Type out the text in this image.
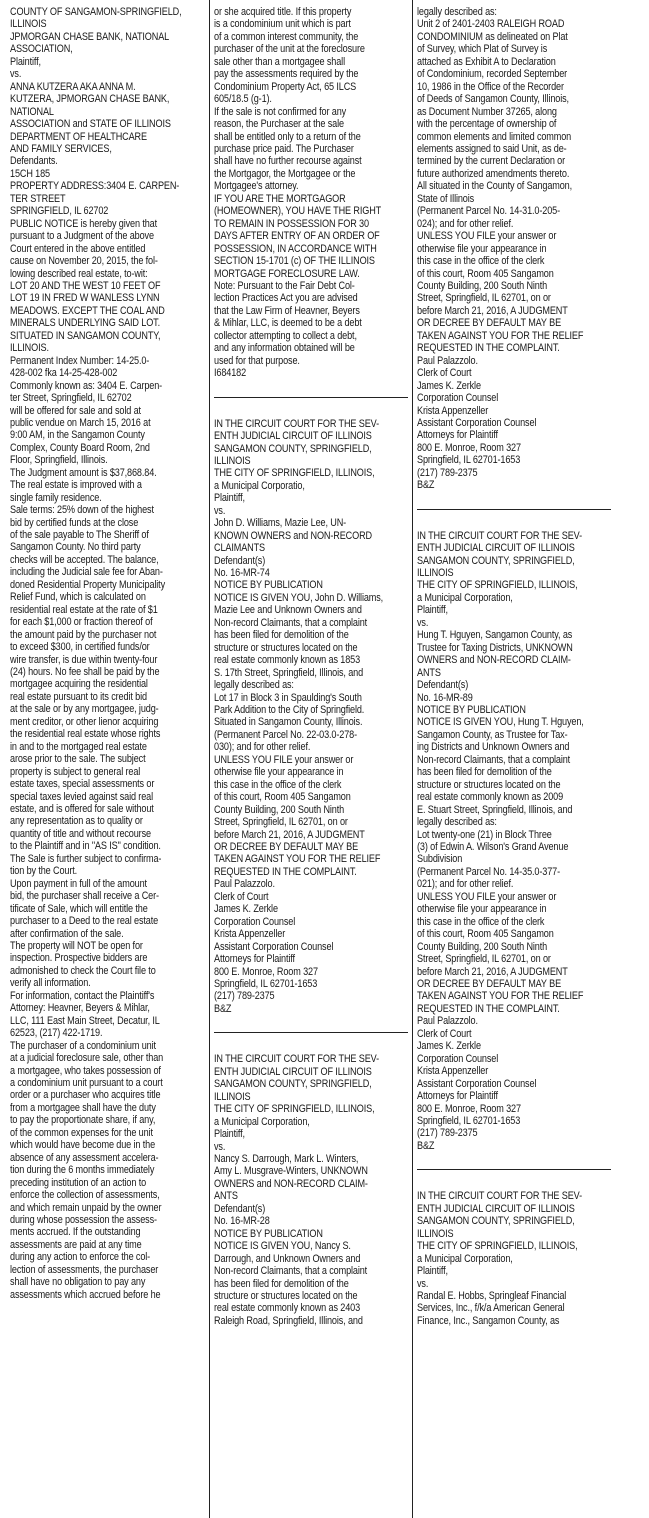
COUNTY OF SANGAMON-SPRINGFIELD,
ILLINOIS
JPMORGAN CHASE BANK, NATIONAL
ASSOCIATION,
Plaintiff,
vs.
ANNA KUTZERA AKA ANNA M.
KUTZERA, JPMORGAN CHASE BANK,
NATIONAL
ASSOCIATION and STATE OF ILLINOIS
DEPARTMENT OF HEALTHCARE
AND FAMILY SERVICES,
Defendants.
15CH 185
PROPERTY ADDRESS:3404 E. CARPEN-
TER STREET
SPRINGFIELD, IL 62702
PUBLIC NOTICE is hereby given that
pursuant to a Judgment of the above
Court entered in the above entitled
cause on November 20, 2015, the fol-
lowing described real estate, to-wit:
LOT 20 AND THE WEST 10 FEET OF
LOT 19 IN FRED W WANLESS LYNN
MEADOWS. EXCEPT THE COAL AND
MINERALS UNDERLYING SAID LOT.
SITUATED IN SANGAMON COUNTY,
ILLINOIS.
Permanent Index Number: 14-25.0-
428-002 fka 14-25-428-002
Commonly known as: 3404 E. Carpen-
ter Street, Springfield, IL 62702
will be offered for sale and sold at
public vendue on March 15, 2016 at
9:00 AM, in the Sangamon County
Complex, County Board Room, 2nd
Floor, Springfield, Illinois.
The Judgment amount is $37,868.84.
The real estate is improved with a
single family residence.
Sale terms: 25% down of the highest
bid by certified funds at the close
of the sale payable to The Sheriff of
Sangamon County. No third party
checks will be accepted. The balance,
including the Judicial sale fee for Aban-
doned Residential Property Municipality
Relief Fund, which is calculated on
residential real estate at the rate of $1
for each $1,000 or fraction thereof of
the amount paid by the purchaser not
to exceed $300, in certified funds/or
wire transfer, is due within twenty-four
(24) hours. No fee shall be paid by the
mortgagee acquiring the residential
real estate pursuant to its credit bid
at the sale or by any mortgagee, judg-
ment creditor, or other lienor acquiring
the residential real estate whose rights
in and to the mortgaged real estate
arose prior to the sale. The subject
property is subject to general real
estate taxes, special assessments or
special taxes levied against said real
estate, and is offered for sale without
any representation as to quality or
quantity of title and without recourse
to the Plaintiff and in "AS IS" condition.
The Sale is further subject to confirma-
tion by the Court.
Upon payment in full of the amount
bid, the purchaser shall receive a Cer-
tificate of Sale, which will entitle the
purchaser to a Deed to the real estate
after confirmation of the sale.
The property will NOT be open for
inspection. Prospective bidders are
admonished to check the Court file to
verify all information.
For information, contact the Plaintiff's
Attorney: Heavner, Beyers & Mihlar,
LLC, 111 East Main Street, Decatur, IL
62523, (217) 422-1719.
The purchaser of a condominium unit
at a judicial foreclosure sale, other than
a mortgagee, who takes possession of
a condominium unit pursuant to a court
order or a purchaser who acquires title
from a mortgagee shall have the duty
to pay the proportionate share, if any,
of the common expenses for the unit
which would have become due in the
absence of any assessment accelera-
tion during the 6 months immediately
preceding institution of an action to
enforce the collection of assessments,
and which remain unpaid by the owner
during whose possession the assess-
ments accrued. If the outstanding
assessments are paid at any time
during any action to enforce the col-
lection of assessments, the purchaser
shall have no obligation to pay any
assessments which accrued before he
or she acquired title. If this property
is a condominium unit which is part
of a common interest community, the
purchaser of the unit at the foreclosure
sale other than a mortgagee shall
pay the assessments required by the
Condominium Property Act, 65 ILCS
605/18.5 (g-1).
If the sale is not confirmed for any
reason, the Purchaser at the sale
shall be entitled only to a return of the
purchase price paid. The Purchaser
shall have no further recourse against
the Mortgagor, the Mortgagee or the
Mortgagee's attorney.
IF YOU ARE THE MORTGAGOR
(HOMEOWNER), YOU HAVE THE RIGHT
TO REMAIN IN POSSESSION FOR 30
DAYS AFTER ENTRY OF AN ORDER OF
POSSESSION, IN ACCORDANCE WITH
SECTION 15-1701 (c) OF THE ILLINOIS
MORTGAGE FORECLOSURE LAW.
Note: Pursuant to the Fair Debt Col-
lection Practices Act you are advised
that the Law Firm of Heavner, Beyers
& Mihlar, LLC, is deemed to be a debt
collector attempting to collect a debt,
and any information obtained will be
used for that purpose.
I684182
IN THE CIRCUIT COURT FOR THE SEV-
ENTH JUDICIAL CIRCUIT OF ILLINOIS
SANGAMON COUNTY, SPRINGFIELD,
ILLINOIS
THE CITY OF SPRINGFIELD, ILLINOIS,
a Municipal Corporatio,
Plaintiff,
vs.
John D. Williams, Mazie Lee, UN-
KNOWN OWNERS and NON-RECORD
CLAIMANTS
Defendant(s)
No. 16-MR-74
NOTICE BY PUBLICATION
NOTICE IS GIVEN YOU, John D. Williams,
Mazie Lee and Unknown Owners and
Non-record Claimants, that a complaint
has been filed for demolition of the
structure or structures located on the
real estate commonly known as 1853
S. 17th Street, Springfield, Illinois, and
legally described as:
Lot 17 in Block 3 in Spaulding's South
Park Addition to the City of Springfield.
Situated in Sangamon County, Illinois.
(Permanent Parcel No. 22-03.0-278-
030); and for other relief.
UNLESS YOU FILE your answer or
otherwise file your appearance in
this case in the office of the clerk
of this court, Room 405 Sangamon
County Building, 200 South Ninth
Street, Springfield, IL 62701, on or
before March 21, 2016, A JUDGMENT
OR DECREE BY DEFAULT MAY BE
TAKEN AGAINST YOU FOR THE RELIEF
REQUESTED IN THE COMPLAINT.
Paul Palazzolo.
Clerk of Court
James K. Zerkle
Corporation Counsel
Krista Appenzeller
Assistant Corporation Counsel
Attorneys for Plaintiff
800 E. Monroe, Room 327
Springfield, IL 62701-1653
(217) 789-2375
B&Z
IN THE CIRCUIT COURT FOR THE SEV-
ENTH JUDICIAL CIRCUIT OF ILLINOIS
SANGAMON COUNTY, SPRINGFIELD,
ILLINOIS
THE CITY OF SPRINGFIELD, ILLINOIS,
a Municipal Corporation,
Plaintiff,
vs.
Nancy S. Darrough, Mark L. Winters,
Amy L. Musgrave-Winters, UNKNOWN
OWNERS and NON-RECORD CLAIM-
ANTS
Defendant(s)
No. 16-MR-28
NOTICE BY PUBLICATION
NOTICE IS GIVEN YOU, Nancy S.
Darrough, and Unknown Owners and
Non-record Claimants, that a complaint
has been filed for demolition of the
structure or structures located on the
real estate commonly known as 2403
Raleigh Road, Springfield, Illinois, and
legally described as:
Unit 2 of 2401-2403 RALEIGH ROAD
CONDOMINIUM as delineated on Plat
of Survey, which Plat of Survey is
attached as Exhibit A to Declaration
of Condominium, recorded September
10, 1986 in the Office of the Recorder
of Deeds of Sangamon County, Illinois,
as Document Number 37265, along
with the percentage of ownership of
common elements and limited common
elements assigned to said Unit, as de-
termined by the current Declaration or
future authorized amendments thereto.
All situated in the County of Sangamon,
State of Illinois
(Permanent Parcel No. 14-31.0-205-
024); and for other relief.
UNLESS YOU FILE your answer or
otherwise file your appearance in
this case in the office of the clerk
of this court, Room 405 Sangamon
County Building, 200 South Ninth
Street, Springfield, IL 62701, on or
before March 21, 2016, A JUDGMENT
OR DECREE BY DEFAULT MAY BE
TAKEN AGAINST YOU FOR THE RELIEF
REQUESTED IN THE COMPLAINT.
Paul Palazzolo.
Clerk of Court
James K. Zerkle
Corporation Counsel
Krista Appenzeller
Assistant Corporation Counsel
Attorneys for Plaintiff
800 E. Monroe, Room 327
Springfield, IL 62701-1653
(217) 789-2375
B&Z
IN THE CIRCUIT COURT FOR THE SEV-
ENTH JUDICIAL CIRCUIT OF ILLINOIS
SANGAMON COUNTY, SPRINGFIELD,
ILLINOIS
THE CITY OF SPRINGFIELD, ILLINOIS,
a Municipal Corporation,
Plaintiff,
vs.
Hung T. Hguyen, Sangamon County, as
Trustee for Taxing Districts, UNKNOWN
OWNERS and NON-RECORD CLAIM-
ANTS
Defendant(s)
No. 16-MR-89
NOTICE BY PUBLICATION
NOTICE IS GIVEN YOU, Hung T. Hguyen,
Sangamon County, as Trustee for Tax-
ing Districts and Unknown Owners and
Non-record Claimants, that a complaint
has been filed for demolition of the
structure or structures located on the
real estate commonly known as 2009
E. Stuart Street, Springfield, Illinois, and
legally described as:
Lot twenty-one (21) in Block Three
(3) of Edwin A. Wilson's Grand Avenue
Subdivision
(Permanent Parcel No. 14-35.0-377-
021); and for other relief.
UNLESS YOU FILE your answer or
otherwise file your appearance in
this case in the office of the clerk
of this court, Room 405 Sangamon
County Building, 200 South Ninth
Street, Springfield, IL 62701, on or
before March 21, 2016, A JUDGMENT
OR DECREE BY DEFAULT MAY BE
TAKEN AGAINST YOU FOR THE RELIEF
REQUESTED IN THE COMPLAINT.
Paul Palazzolo.
Clerk of Court
James K. Zerkle
Corporation Counsel
Krista Appenzeller
Assistant Corporation Counsel
Attorneys for Plaintiff
800 E. Monroe, Room 327
Springfield, IL 62701-1653
(217) 789-2375
B&Z
IN THE CIRCUIT COURT FOR THE SEV-
ENTH JUDICIAL CIRCUIT OF ILLINOIS
SANGAMON COUNTY, SPRINGFIELD,
ILLINOIS
THE CITY OF SPRINGFIELD, ILLINOIS,
a Municipal Corporation,
Plaintiff,
vs.
Randal E. Hobbs, Springleaf Financial
Services, Inc., f/k/a American General
Finance, Inc., Sangamon County, as
